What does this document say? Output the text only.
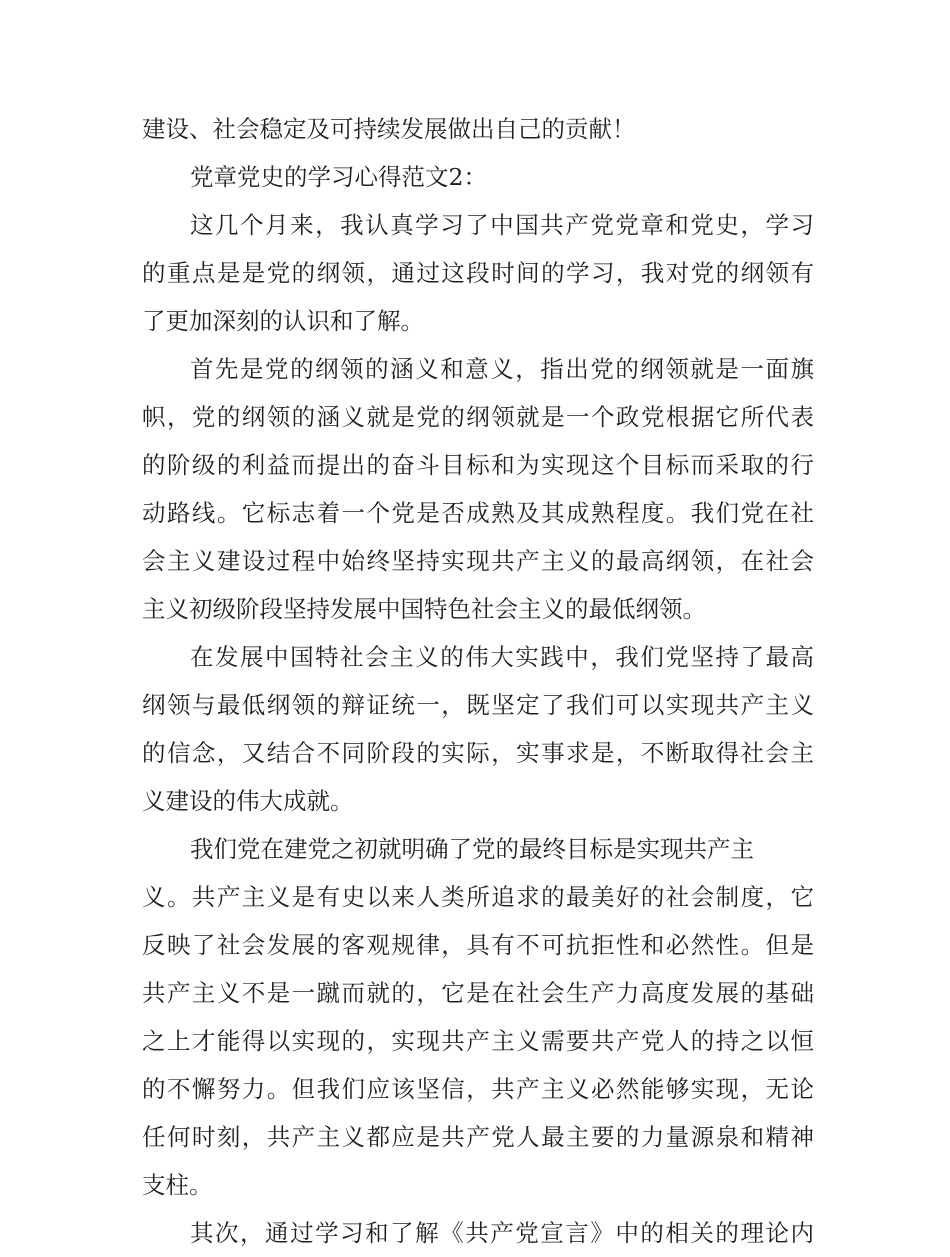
建设、社会稳定及可持续发展做出自己的贡献！
党章党史的学习心得范文2：
这几个月来，我认真学习了中国共产党党章和党史，学习
的重点是是党的纲领，通过这段时间的学习，我对党的纲领有
了更加深刻的认识和了解。
首先是党的纲领的涵义和意义，指出党的纲领就是一面旗
帜，党的纲领的涵义就是党的纲领就是一个政党根据它所代表
的阶级的利益而提出的奋斗目标和为实现这个目标而采取的行
动路线。它标志着一个党是否成熟及其成熟程度。我们党在社
会主义建设过程中始终坚持实现共产主义的最高纲领，在社会
主义初级阶段坚持发展中国特色社会主义的最低纲领。
在发展中国特社会主义的伟大实践中，我们党坚持了最高
纲领与最低纲领的辩证统一，既坚定了我们可以实现共产主义
的信念，又结合不同阶段的实际，实事求是，不断取得社会主
义建设的伟大成就。
我们党在建党之初就明确了党的最终目标是实现共产主
义。共产主义是有史以来人类所追求的最美好的社会制度，它
反映了社会发展的客观规律，具有不可抗拒性和必然性。但是
共产主义不是一蹴而就的，它是在社会生产力高度发展的基础
之上才能得以实现的，实现共产主义需要共产党人的持之以恒
的不懈努力。但我们应该坚信，共产主义必然能够实现，无论
任何时刻，共产主义都应是共产党人最主要的力量源泉和精神
支柱。
其次，通过学习和了解《共产党宣言》中的相关的理论内
